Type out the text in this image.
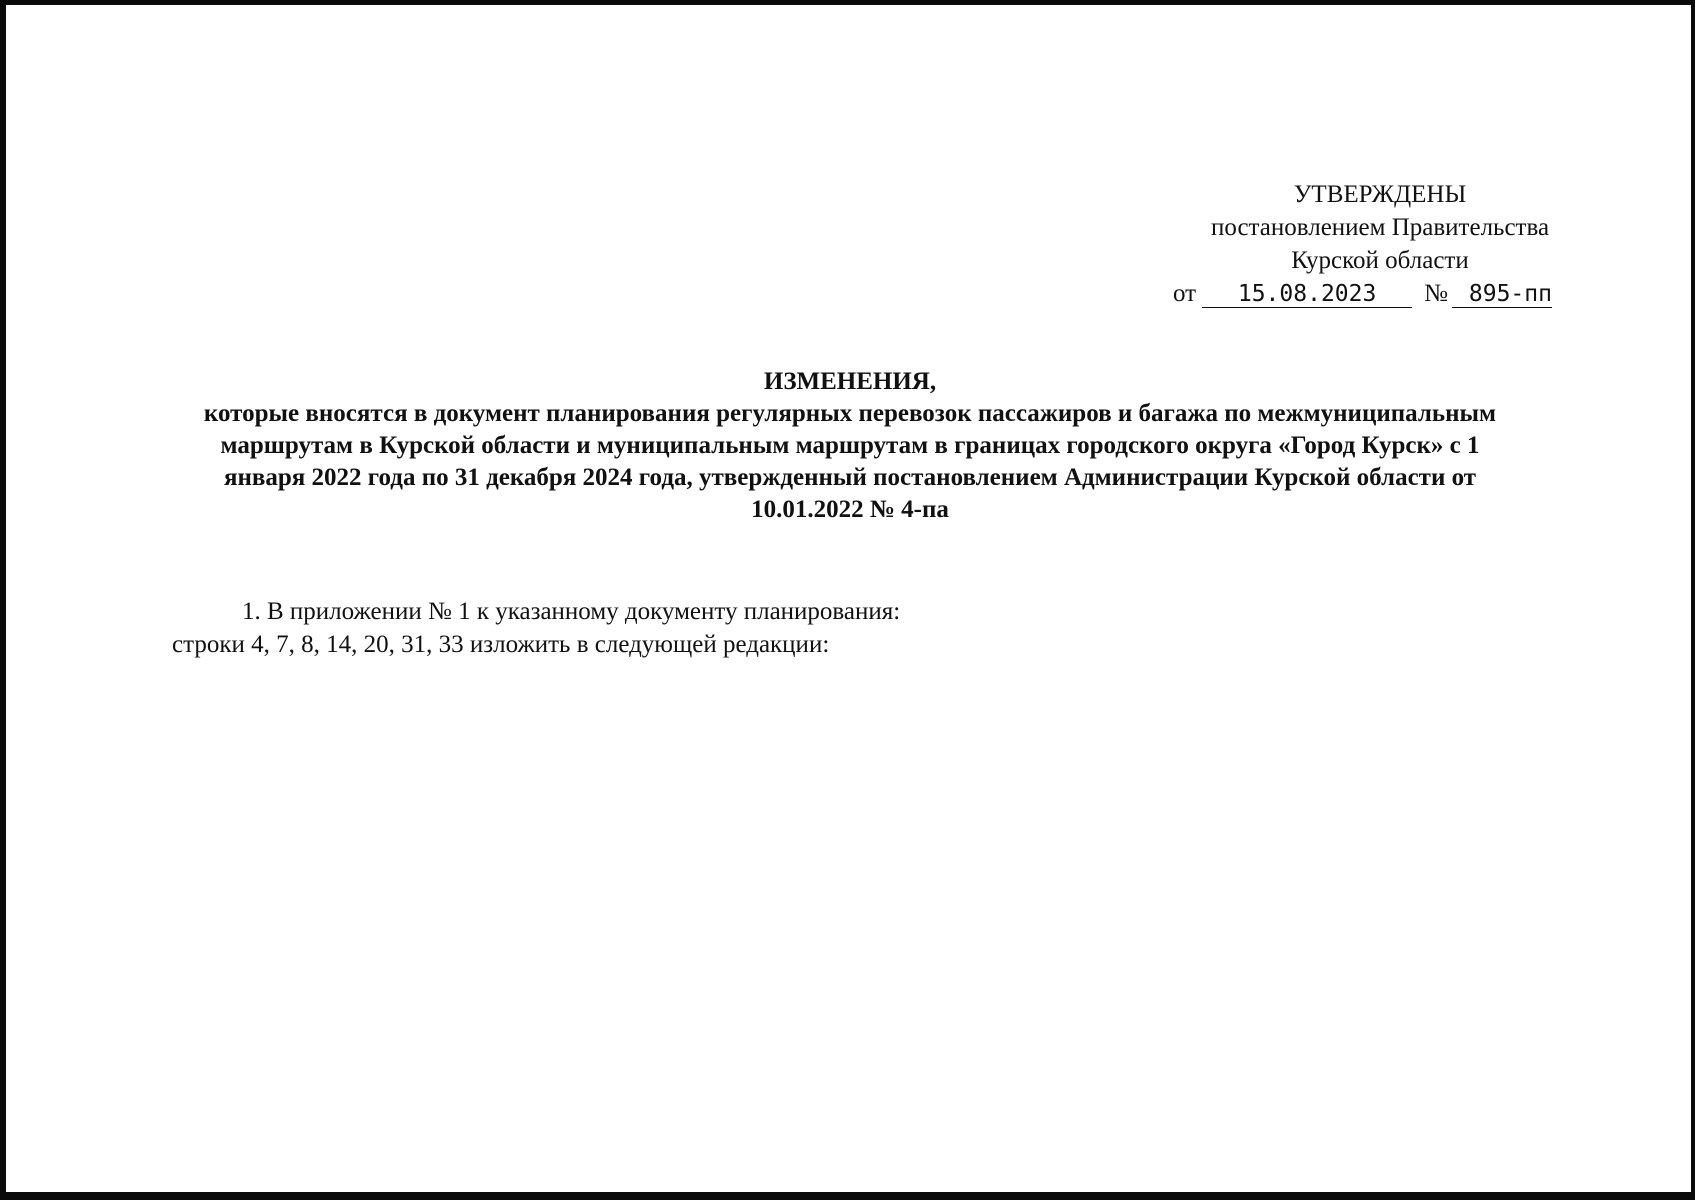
УТВЕРЖДЕНЫ
постановлением Правительства
Курской области
от 15.08.2023 № 895-пп
ИЗМЕНЕНИЯ,
которые вносятся в документ планирования регулярных перевозок пассажиров и багажа по межмуниципальным маршрутам в Курской области и муниципальным маршрутам в границах городского округа «Город Курск» с 1 января 2022 года по 31 декабря 2024 года, утвержденный постановлением Администрации Курской области от 10.01.2022 № 4-па
1. В приложении № 1 к указанному документу планирования:
строки 4, 7, 8, 14, 20, 31, 33 изложить в следующей редакции:
